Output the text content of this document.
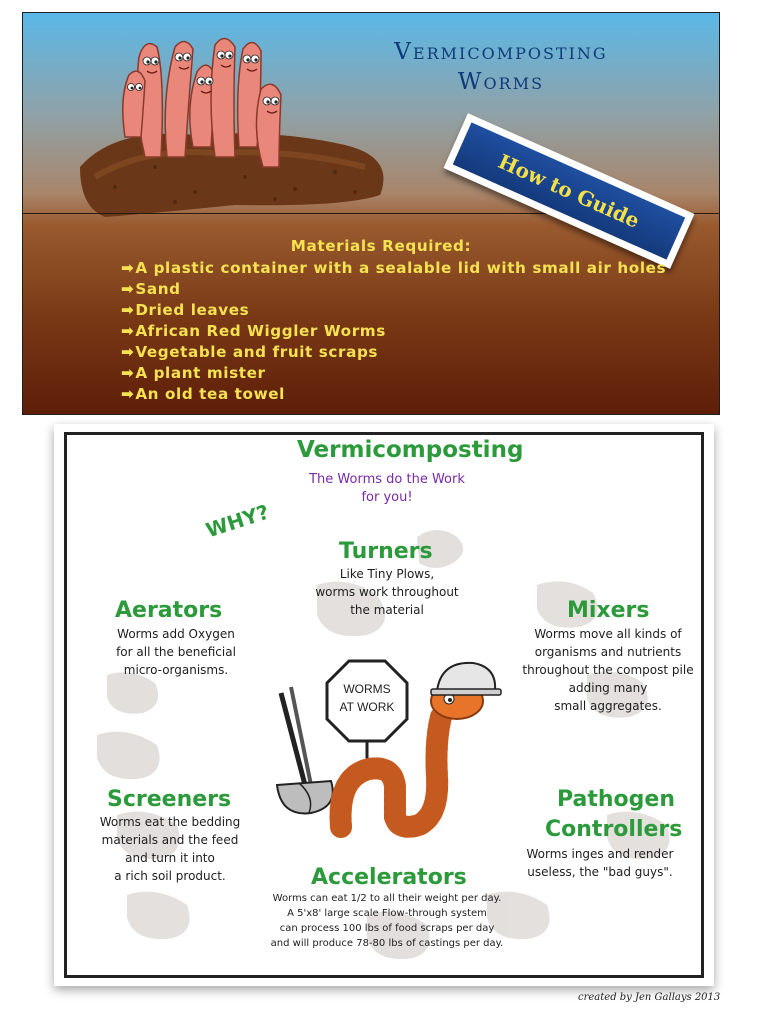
Vermicomposting
Worms
How to Guide
Materials Required:
➡A plastic container with a sealable lid with small air holes
➡Sand
➡Dried leaves
➡African Red Wiggler Worms
➡Vegetable and fruit scraps
➡A plant mister
➡An old tea towel
Vermicomposting
The Worms do the Work for you!
WHY?
Turners
Like Tiny Plows,
worms work throughout
the material
Aerators
Worms add Oxygen
for all the beneficial
micro-organisms.
Mixers
Worms move all kinds of
organisms and nutrients
throughout the compost pile
adding many
small aggregates.
WORMS
AT WORK
Screeners
Worms eat the bedding
materials and the feed
and turn it into
a rich soil product.
Pathogen
Controllers
Worms inges and render
useless, the "bad guys".
Accelerators
Worms can eat 1/2 to all their weight per day.
A 5'x8' large scale Flow-through system
can process 100 lbs of food scraps per day
and will produce 78-80 lbs of castings per day.
created by Jen Gallays 2013
